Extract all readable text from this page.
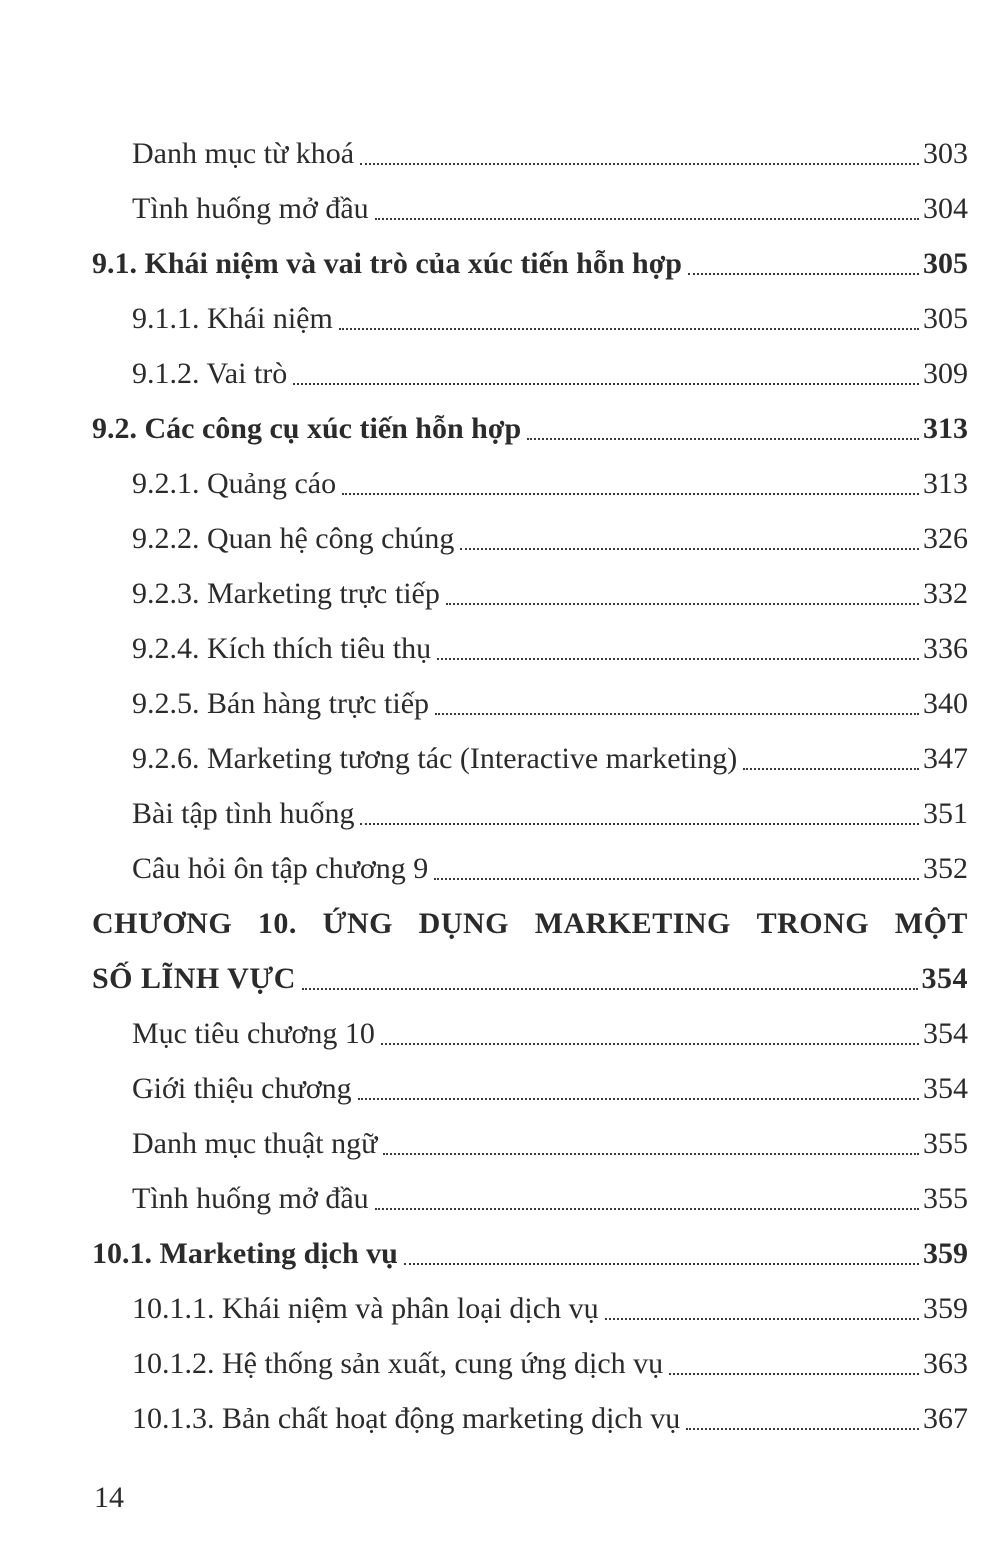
Danh mục từ khoá	303
Tình huống mở đầu	304
9.1. Khái niệm và vai trò của xúc tiến hỗn hợp	305
9.1.1. Khái niệm	305
9.1.2. Vai trò	309
9.2. Các công cụ xúc tiến hỗn hợp	313
9.2.1. Quảng cáo	313
9.2.2. Quan hệ công chúng	326
9.2.3. Marketing trực tiếp	332
9.2.4. Kích thích tiêu thụ	336
9.2.5. Bán hàng trực tiếp	340
9.2.6. Marketing tương tác (Interactive marketing)	347
Bài tập tình huống	351
Câu hỏi ôn tập chương 9	352
CHƯƠNG 10. ỨNG DỤNG MARKETING TRONG MỘT
SỐ LĨNH VỰC	354
Mục tiêu chương 10	354
Giới thiệu chương	354
Danh mục thuật ngữ	355
Tình huống mở đầu	355
10.1. Marketing dịch vụ	359
10.1.1. Khái niệm và phân loại dịch vụ	359
10.1.2. Hệ thống sản xuất, cung ứng dịch vụ	363
10.1.3. Bản chất hoạt động marketing dịch vụ	367
14
